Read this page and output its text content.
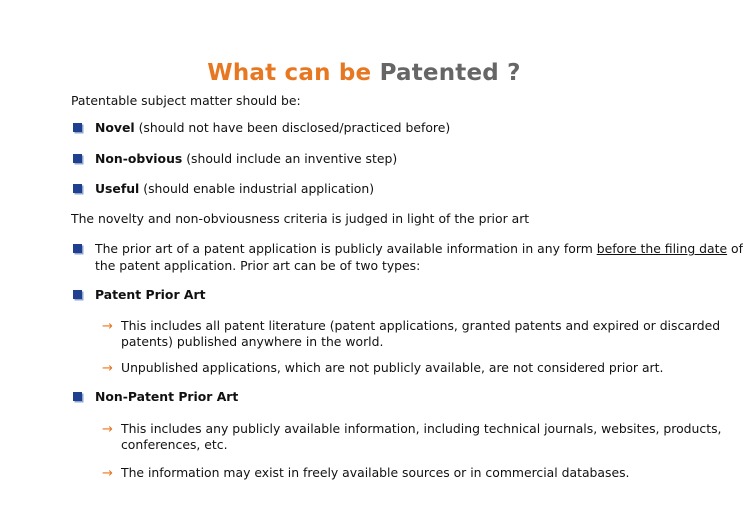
What can be Patented ?
Patentable subject matter should be:
Novel (should not have been disclosed/practiced before)
Non-obvious (should include an inventive step)
Useful (should enable industrial application)
The novelty and non-obviousness criteria is judged in light of the prior art
The prior art of a patent application is publicly available information in any form before the filing date of
the patent application. Prior art can be of two types:
Patent Prior Art
→ This includes all patent literature (patent applications, granted patents and expired or discarded
patents) published anywhere in the world.
→ Unpublished applications, which are not publicly available, are not considered prior art.
Non-Patent Prior Art
→ This includes any publicly available information, including technical journals, websites, products,
conferences, etc.
→ The information may exist in freely available sources or in commercial databases.
